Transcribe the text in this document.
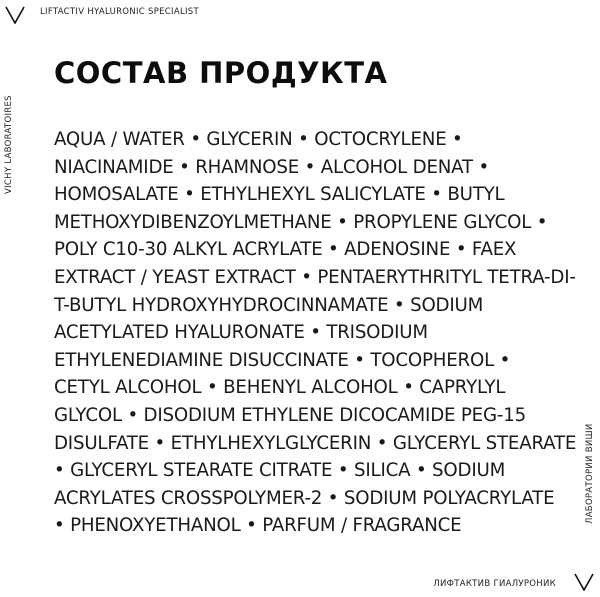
LIFTACTIV HYALURONIC SPECIALIST
VICHY LABORATOIRES
СОСТАВ ПРОДУКТА
AQUA / WATER • GLYCERIN • OCTOCRYLENE •
NIACINAMIDE • RHAMNOSE • ALCOHOL DENAT •
HOMOSALATE • ETHYLHEXYL SALICYLATE • BUTYL
METHOXYDIBENZOYLMETHANE • PROPYLENE GLYCOL •
POLY C10-30 ALKYL ACRYLATE • ADENOSINE • FAEX
EXTRACT / YEAST EXTRACT • PENTAERYTHRITYL TETRA-DI-
T-BUTYL HYDROXYHYDROCINNAMATE • SODIUM
ACETYLATED HYALURONATE • TRISODIUM
ETHYLENEDIAMINE DISUCCINATE • TOCOPHEROL •
CETYL ALCOHOL • BEHENYL ALCOHOL • CAPRYLYL
GLYCOL • DISODIUM ETHYLENE DICOCAMIDE PEG-15
DISULFATE • ETHYLHEXYLGLYCERIN • GLYCERYL STEARATE
• GLYCERYL STEARATE CITRATE • SILICA • SODIUM
ACRYLATES CROSSPOLYMER-2 • SODIUM POLYACRYLATE
• PHENOXYETHANOL • PARFUM / FRAGRANCE
ЛАБОРАТОРИИ ВИШИ
ЛИФТАКТИВ ГИАЛУРОНИК
